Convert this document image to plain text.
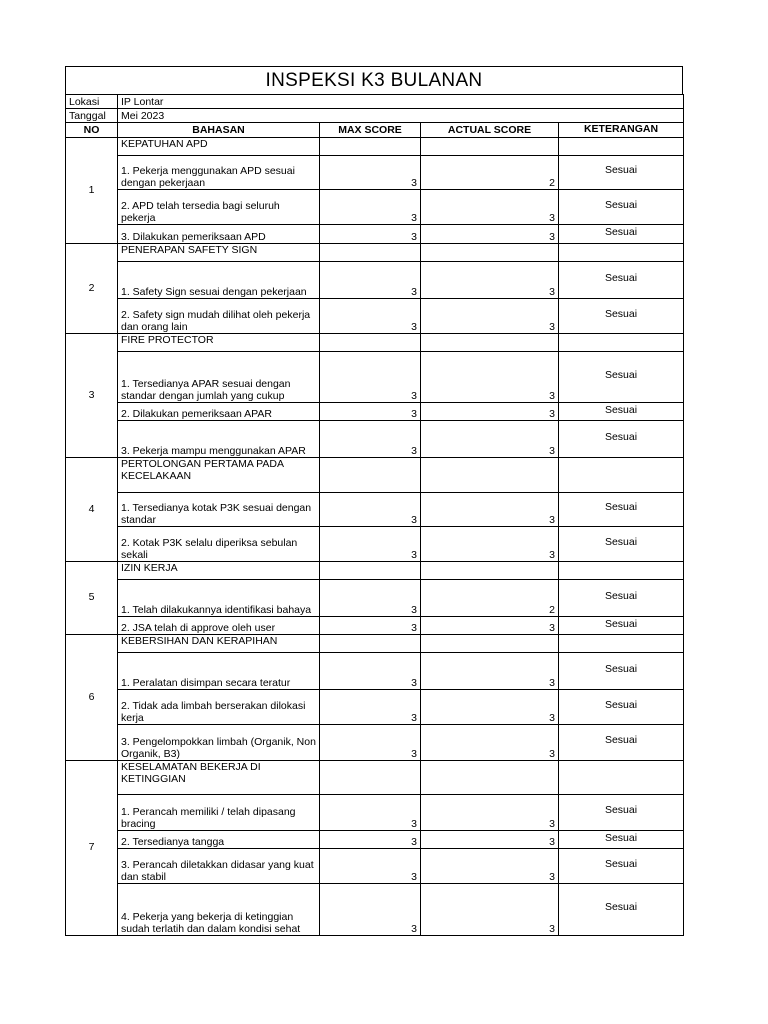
INSPEKSI K3 BULANAN
Lokasi	IP Lontar			
Tanggal	Mei 2023			
NO	BAHASAN	MAX SCORE	ACTUAL SCORE	KETERANGAN
1	KEPATUHAN APD			
	1. Pekerja menggunakan APD sesuai dengan pekerjaan	3	2	Sesuai
	2. APD telah tersedia bagi seluruh pekerja	3	3	Sesuai
	3. Dilakukan pemeriksaan APD	3	3	Sesuai
2	PENERAPAN SAFETY SIGN			
	1. Safety Sign sesuai dengan pekerjaan	3	3	Sesuai
	2. Safety sign mudah dilihat oleh pekerja dan orang lain	3	3	Sesuai
3	FIRE PROTECTOR			
	1. Tersedianya APAR sesuai dengan standar dengan jumlah yang cukup	3	3	Sesuai
	2. Dilakukan pemeriksaan APAR	3	3	Sesuai
	3. Pekerja mampu menggunakan APAR	3	3	Sesuai
4	PERTOLONGAN PERTAMA PADA KECELAKAAN			
	1. Tersedianya kotak P3K sesuai dengan standar	3	3	Sesuai
	2. Kotak P3K selalu diperiksa sebulan sekali	3	3	Sesuai
5	IZIN KERJA			
	1. Telah dilakukannya identifikasi bahaya	3	2	Sesuai
	2. JSA telah di approve oleh user	3	3	Sesuai
6	KEBERSIHAN DAN KERAPIHAN			
	1. Peralatan disimpan secara teratur	3	3	Sesuai
	2. Tidak ada limbah berserakan dilokasi kerja	3	3	Sesuai
	3. Pengelompokkan limbah (Organik, Non Organik, B3)	3	3	Sesuai
7	KESELAMATAN BEKERJA DI KETINGGIAN			
	1. Perancah memiliki / telah dipasang bracing	3	3	Sesuai
	2. Tersedianya tangga	3	3	Sesuai
	3. Perancah diletakkan didasar yang kuat dan stabil	3	3	Sesuai
	4. Pekerja yang bekerja di ketinggian sudah terlatih dan dalam kondisi sehat	3	3	Sesuai
